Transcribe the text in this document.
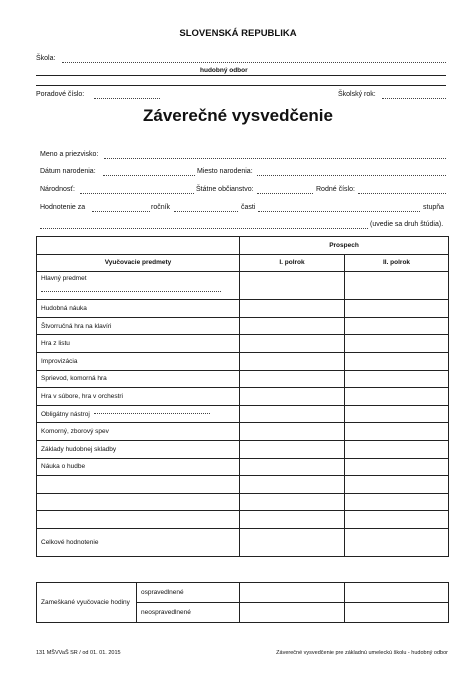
SLOVENSKÁ REPUBLIKA
Škola:
hudobný odbor
Poradové číslo:	Školský rok:
Záverečné vysvedčenie
Meno a priezvisko:
Dátum narodenia:	Miesto narodenia:
Národnosť:	Štátne občianstvo:	Rodné číslo:
Hodnotenie za	ročník	časti	stupňa
(uvedie sa druh štúdia).
	Prospech	
Vyučovacie predmety	I. polrok	II. polrok

Hlavný predmet		

Hudobná náuka		
Štvorručná hra na klavíri		
Hra z listu		
Improvizácia		
Sprievod, komorná hra		
Hra v súbore, hra v orchestri		
Obligátny nástroj		
Komorný, zborový spev		
Základy hudobnej skladby		
Náuka o hudbe		

Celkové hodnotenie		
Zameškané vyučovacie hodiny	ospravedlnené		
	neospravedlnené		
131 MŠVVaŠ SR / od 01. 01. 2015	Záverečné vysvedčenie pre základnú umeleckú školu - hudobný odbor
